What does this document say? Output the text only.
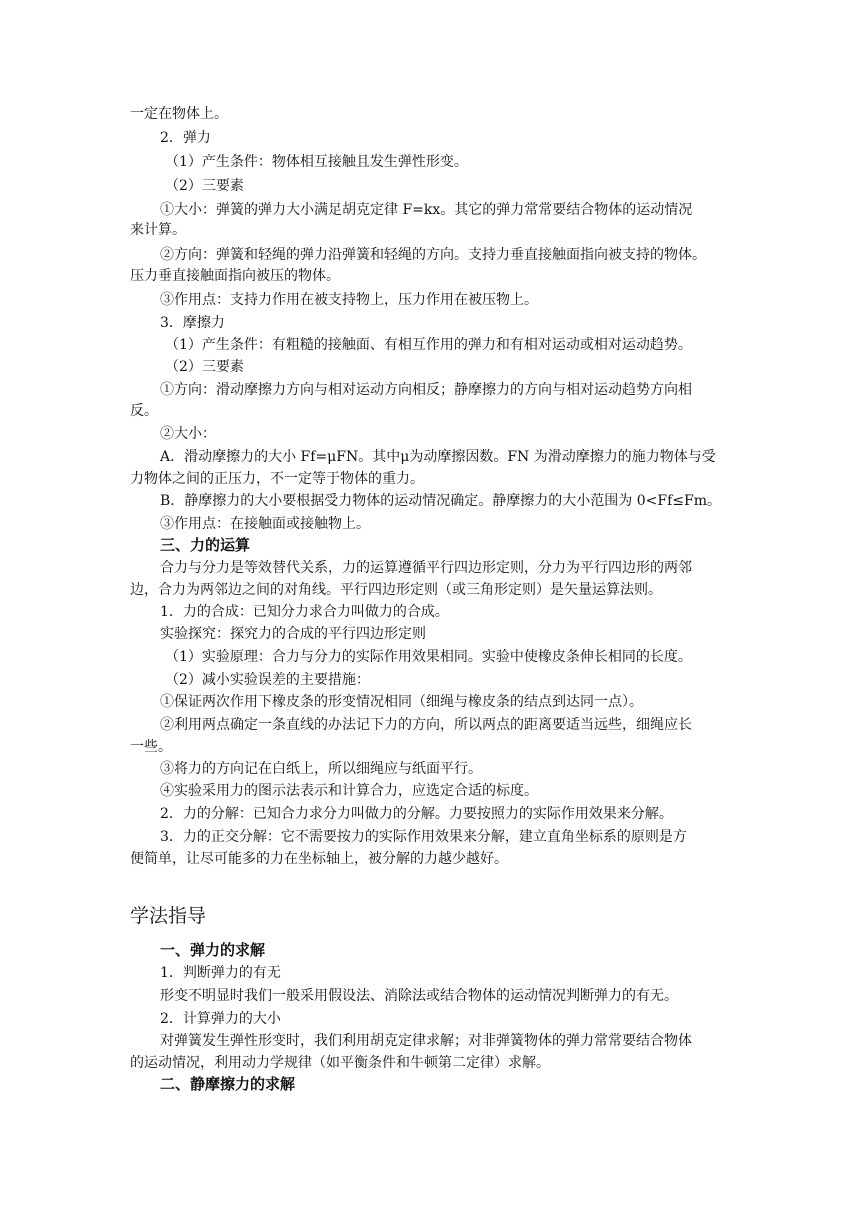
一定在物体上。
2．弹力
（1）产生条件：物体相互接触且发生弹性形变。
（2）三要素
①大小：弹簧的弹力大小满足胡克定律 F=kx。其它的弹力常常要结合物体的运动情况
来计算。
②方向：弹簧和轻绳的弹力沿弹簧和轻绳的方向。支持力垂直接触面指向被支持的物体。
压力垂直接触面指向被压的物体。
③作用点：支持力作用在被支持物上，压力作用在被压物上。
3．摩擦力
（1）产生条件：有粗糙的接触面、有相互作用的弹力和有相对运动或相对运动趋势。
（2）三要素
①方向：滑动摩擦力方向与相对运动方向相反；静摩擦力的方向与相对运动趋势方向相
反。
②大小：
A．滑动摩擦力的大小 Ff=μFN。其中μ为动摩擦因数。FN 为滑动摩擦力的施力物体与受
力物体之间的正压力，不一定等于物体的重力。
B．静摩擦力的大小要根据受力物体的运动情况确定。静摩擦力的大小范围为 0<Ff≤Fm。
③作用点：在接触面或接触物上。
三、力的运算
合力与分力是等效替代关系，力的运算遵循平行四边形定则，分力为平行四边形的两邻
边，合力为两邻边之间的对角线。平行四边形定则（或三角形定则）是矢量运算法则。
1．力的合成：已知分力求合力叫做力的合成。
实验探究：探究力的合成的平行四边形定则
（1）实验原理：合力与分力的实际作用效果相同。实验中使橡皮条伸长相同的长度。
（2）减小实验误差的主要措施：
①保证两次作用下橡皮条的形变情况相同（细绳与橡皮条的结点到达同一点）。
②利用两点确定一条直线的办法记下力的方向，所以两点的距离要适当远些，细绳应长
一些。
③将力的方向记在白纸上，所以细绳应与纸面平行。
④实验采用力的图示法表示和计算合力，应选定合适的标度。
2．力的分解：已知合力求分力叫做力的分解。力要按照力的实际作用效果来分解。
3．力的正交分解：它不需要按力的实际作用效果来分解，建立直角坐标系的原则是方
便简单，让尽可能多的力在坐标轴上，被分解的力越少越好。
学法指导
一、弹力的求解
1．判断弹力的有无
形变不明显时我们一般采用假设法、消除法或结合物体的运动情况判断弹力的有无。
2．计算弹力的大小
对弹簧发生弹性形变时，我们利用胡克定律求解；对非弹簧物体的弹力常常要结合物体
的运动情况，利用动力学规律（如平衡条件和牛顿第二定律）求解。
二、静摩擦力的求解
